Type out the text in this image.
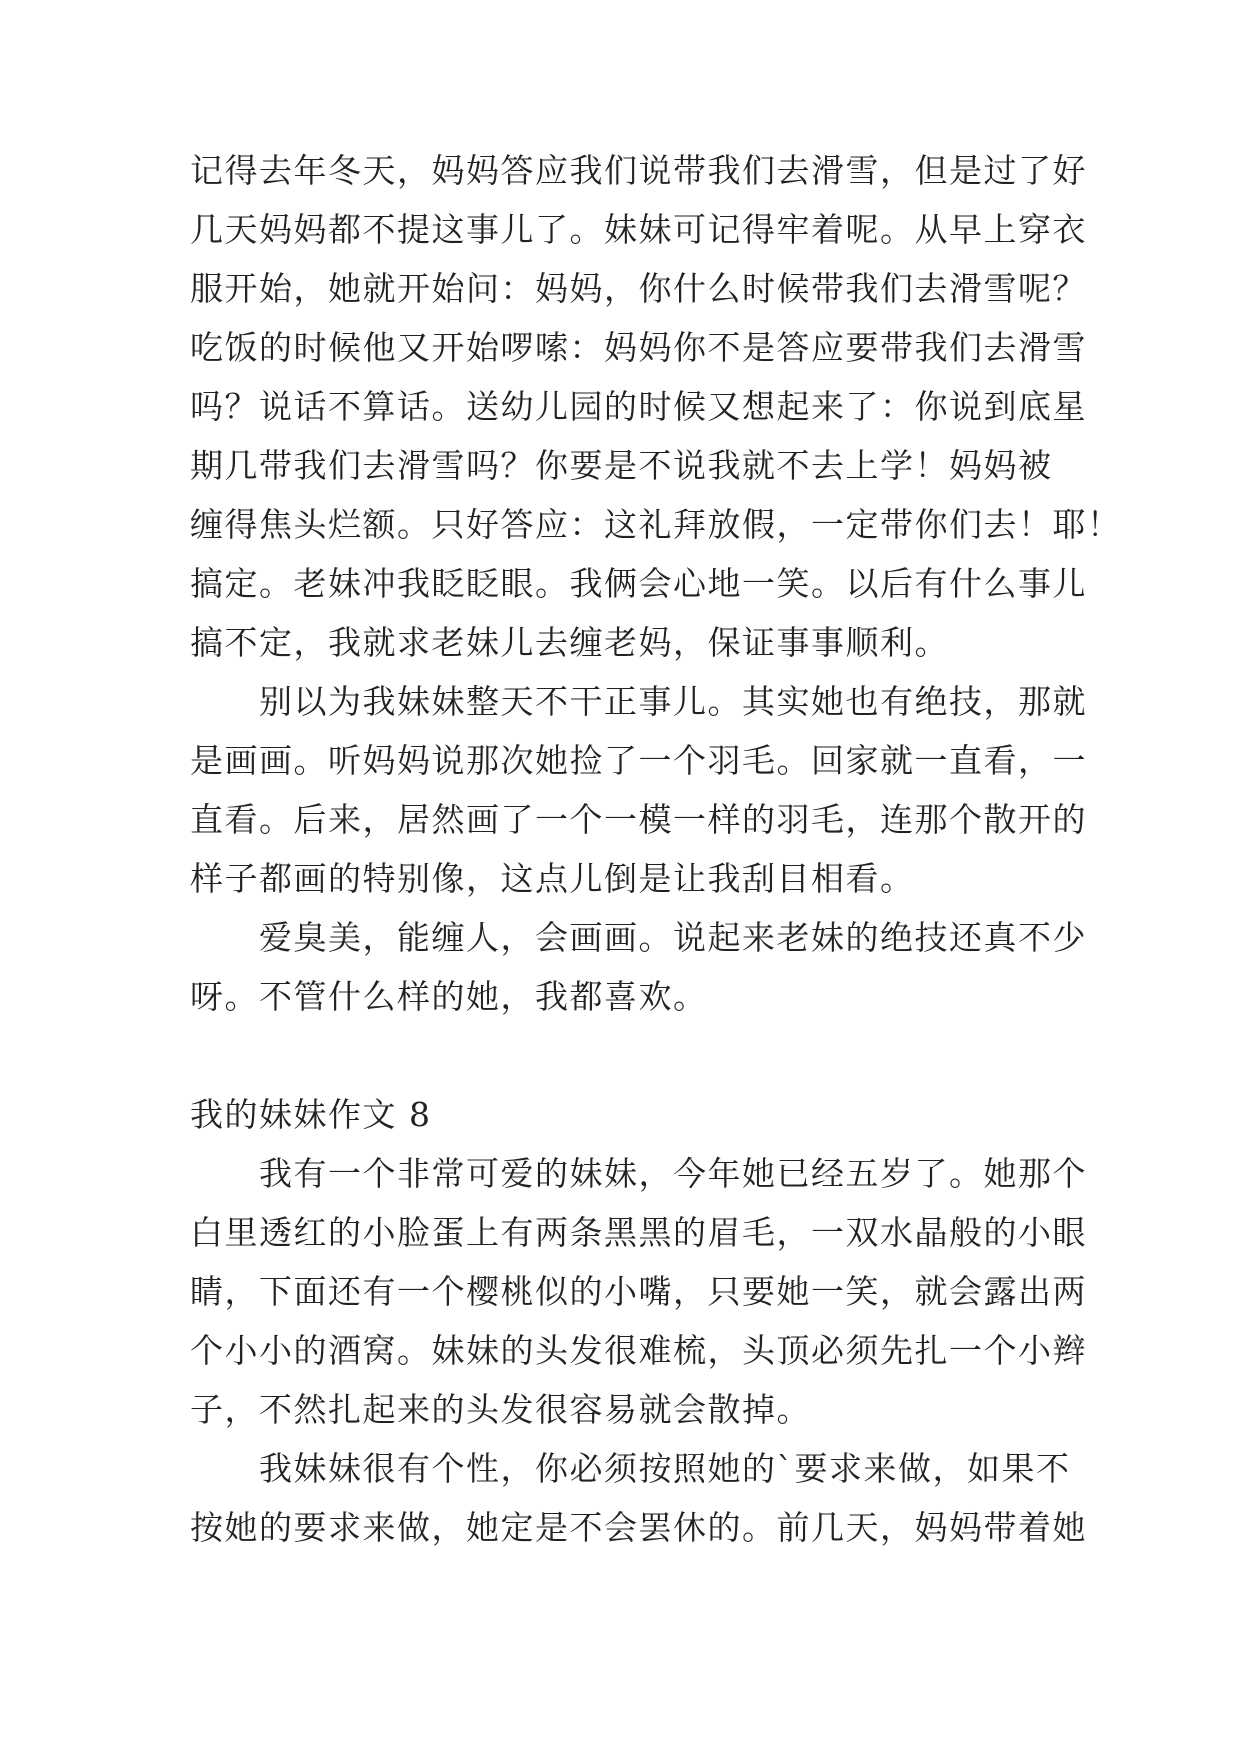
记得去年冬天，妈妈答应我们说带我们去滑雪，但是过了好
几天妈妈都不提这事儿了。妹妹可记得牢着呢。从早上穿衣
服开始，她就开始问：妈妈，你什么时候带我们去滑雪呢？
吃饭的时候他又开始啰嗦：妈妈你不是答应要带我们去滑雪
吗？说话不算话。送幼儿园的时候又想起来了：你说到底星
期几带我们去滑雪吗？你要是不说我就不去上学！妈妈被
缠得焦头烂额。只好答应：这礼拜放假，一定带你们去！耶！
搞定。老妹冲我眨眨眼。我俩会心地一笑。以后有什么事儿
搞不定，我就求老妹儿去缠老妈，保证事事顺利。
　　别以为我妹妹整天不干正事儿。其实她也有绝技，那就
是画画。听妈妈说那次她捡了一个羽毛。回家就一直看，一
直看。后来，居然画了一个一模一样的羽毛，连那个散开的
样子都画的特别像，这点儿倒是让我刮目相看。
　　爱臭美，能缠人，会画画。说起来老妹的绝技还真不少
呀。不管什么样的她，我都喜欢。
我的妹妹作文 8
　　我有一个非常可爱的妹妹，今年她已经五岁了。她那个
白里透红的小脸蛋上有两条黑黑的眉毛，一双水晶般的小眼
睛，下面还有一个樱桃似的小嘴，只要她一笑，就会露出两
个小小的酒窝。妹妹的头发很难梳，头顶必须先扎一个小辫
子，不然扎起来的头发很容易就会散掉。
　　我妹妹很有个性，你必须按照她的`要求来做，如果不
按她的要求来做，她定是不会罢休的。前几天，妈妈带着她
